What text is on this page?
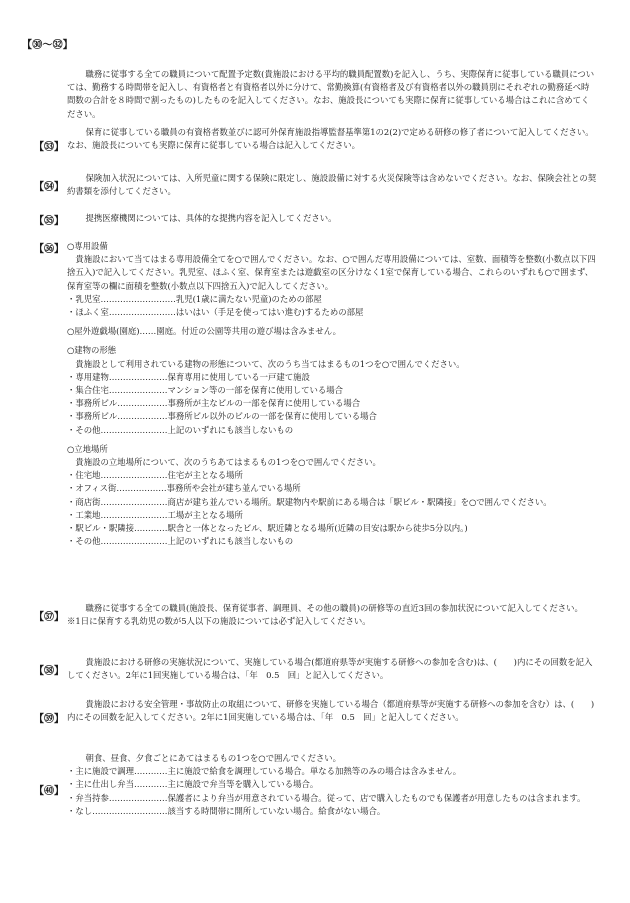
【㉚～㉜】

職務に従事する全ての職員について配置予定数(貴施設における平均的職員配置数)を記入し、うち、実際保育に従事している職員については、勤務する時間帯を記入し、有資格者と有資格者以外に分けて、常勤換算(有資格者及び有資格者以外の職員別にそれぞれの勤務延べ時間数の合計を８時間で割ったもの)したものを記入してください。なお、施設長についても実際に保育に従事している場合はこれに含めてください。

【㉝】

保育に従事している職員の有資格者数並びに認可外保育施設指導監督基準第1の2(2)で定める研修の修了者について記入してください。なお、施設長についても実際に保育に従事している場合は記入してください。

【㉞】

保険加入状況については、入所児童に関する保険に限定し、施設設備に対する火災保険等は含めないでください。なお、保険会社との契約書類を添付してください。

【㉟】	提携医療機関については、具体的な提携内容を記入してください。

【㊱】 ○専用設備

貴施設において当てはまる専用設備全てを○で囲んでください。なお、○で囲んだ専用設備については、室数、面積等を整数(小数点以下四捨五入)で記入してください。乳児室、ほふく室、保育室または遊戯室の区分けなく1室で保育している場合、これらのいずれも○で囲まず、保育室等の欄に面積を整数(小数点以下四捨五入)で記入してください。

・乳児室……………………… 乳児(1歳に満たない児童)のための部屋
・ほふく室…………………… はいはい（手足を使ってはい進む)するための部屋

○屋外遊戯場(園庭)……園庭。付近の公園等共用の遊び場は含みません。

○建物の形態

貴施設として利用されている建物の形態について、次のうち当てはまるもの1つを○で囲んでください。

・専用建物………………… 保育専用に使用している一戸建て施設
・集合住宅………………… マンション等の一部を保育に使用している場合
・事務所ビル……………… 事務所が主なビルの一部を保育に使用している場合
・事務所ビル……………… 事務所ビル以外のビルの一部を保育に使用している場合
・その他…………………… 上記のいずれにも該当しないもの

○立地場所

貴施設の立地場所について、次のうちあてはまるもの1つを○で囲んでください。

・住宅地…………………… 住宅が主となる場所
・オフィス街……………… 事務所や会社が建ち並んでいる場所
・商店街…………………… 商店が建ち並んでいる場所。駅建物内や駅前にある場合は「駅ビル・駅隣接」を○で囲んでください。
・工業地…………………… 工場が主となる場所
・駅ビル・駅隣接………… 駅舎と一体となったビル、駅近隣となる場所(近隣の目安は駅から徒歩5分以内。)
・その他…………………… 上記のいずれにも該当しないもの
【㊲】

職務に従事する全ての職員(施設長、保育従事者、調理員、その他の職員)の研修等の直近3回の参加状況について記入してください。

※1日に保育する乳幼児の数が5人以下の施設については必ず記入してください。

【㊳】

貴施設における研修の実施状況について、実施している場合(都道府県等が実施する研修への参加を含む)は、(　　)内にその回数を記入してください。2年に1回実施している場合は、「年　0.5　回」と記入してください。

【㊴】

貴施設における安全管理・事故防止の取組について、研修を実施している場合（都道府県等が実施する研修への参加を含む）は、(　　)内にその回数を記入してください。2年に1回実施している場合は、「年　0.5　回」と記入してください。

【㊵】

朝食、昼食、夕食ごとにあてはまるもの1つを○で囲んでください。

・主に施設で調理………… 主に施設で給食を調理している場合。単なる加熱等のみの場合は含みません。
・主に仕出し弁当………… 主に施設で弁当等を購入している場合。
・弁当持参………………… 保護者により弁当が用意されている場合。従って、店で購入したものでも保護者が用意したものは含まれます。
・なし……………………… 該当する時間帯に開所していない場合。給食がない場合。
